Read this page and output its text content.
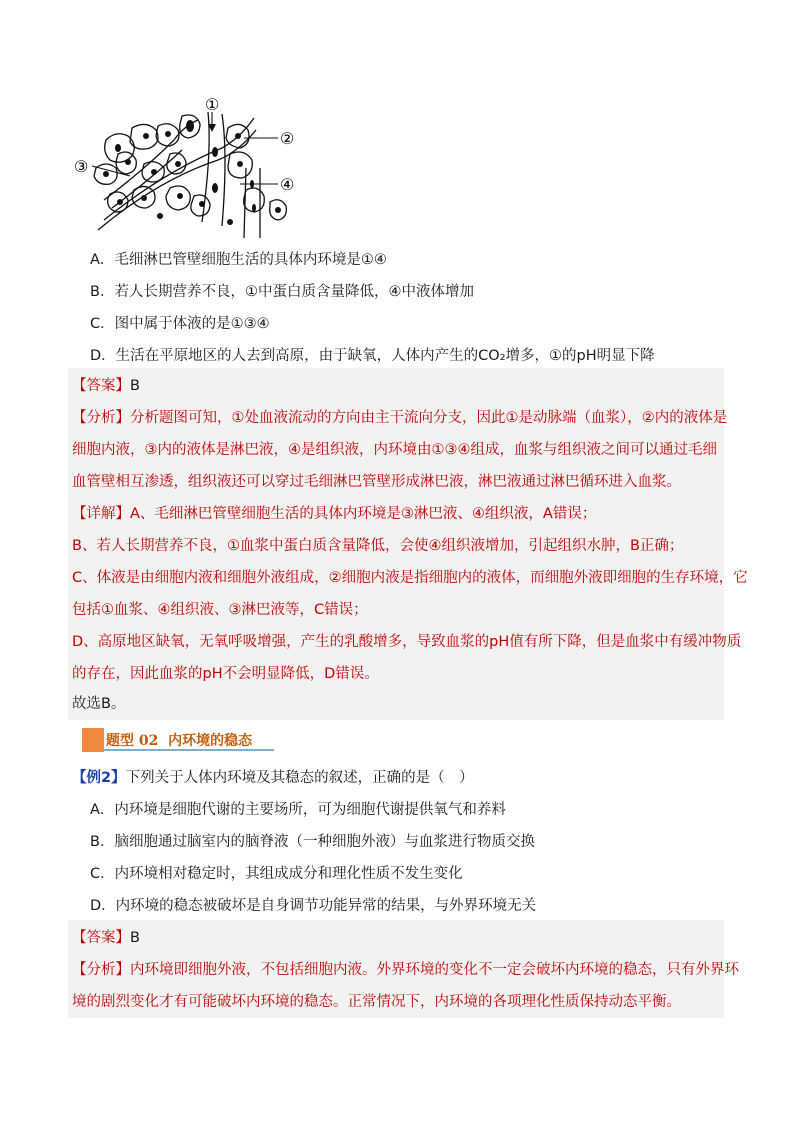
①
②
③
④
A．毛细淋巴管壁细胞生活的具体内环境是①④
B．若人长期营养不良，①中蛋白质含量降低，④中液体增加
C．图中属于体液的是①③④
D．生活在平原地区的人去到高原，由于缺氧，人体内产生的CO₂增多，①的pH明显下降
【答案】B
【分析】分析题图可知，①处血液流动的方向由主干流向分支，因此①是动脉端（血浆），②内的液体是
细胞内液，③内的液体是淋巴液，④是组织液，内环境由①③④组成，血浆与组织液之间可以通过毛细
血管壁相互渗透，组织液还可以穿过毛细淋巴管壁形成淋巴液，淋巴液通过淋巴循环进入血浆。
【详解】A、毛细淋巴管壁细胞生活的具体内环境是③淋巴液、④组织液，A错误；
B、若人长期营养不良，①血浆中蛋白质含量降低，会使④组织液增加，引起组织水肿，B正确；
C、体液是由细胞内液和细胞外液组成，②细胞内液是指细胞内的液体，而细胞外液即细胞的生存环境，它
包括①血浆、④组织液、③淋巴液等，C错误；
D、高原地区缺氧，无氧呼吸增强，产生的乳酸增多，导致血浆的pH值有所下降，但是血浆中有缓冲物质
的存在，因此血浆的pH不会明显降低，D错误。
故选B。
题型 02 内环境的稳态
【例2】下列关于人体内环境及其稳态的叙述，正确的是（　）
A．内环境是细胞代谢的主要场所，可为细胞代谢提供氧气和养料
B．脑细胞通过脑室内的脑脊液（一种细胞外液）与血浆进行物质交换
C．内环境相对稳定时，其组成成分和理化性质不发生变化
D．内环境的稳态被破坏是自身调节功能异常的结果，与外界环境无关
【答案】B
【分析】内环境即细胞外液，不包括细胞内液。外界环境的变化不一定会破坏内环境的稳态，只有外界环
境的剧烈变化才有可能破坏内环境的稳态。正常情况下，内环境的各项理化性质保持动态平衡。
